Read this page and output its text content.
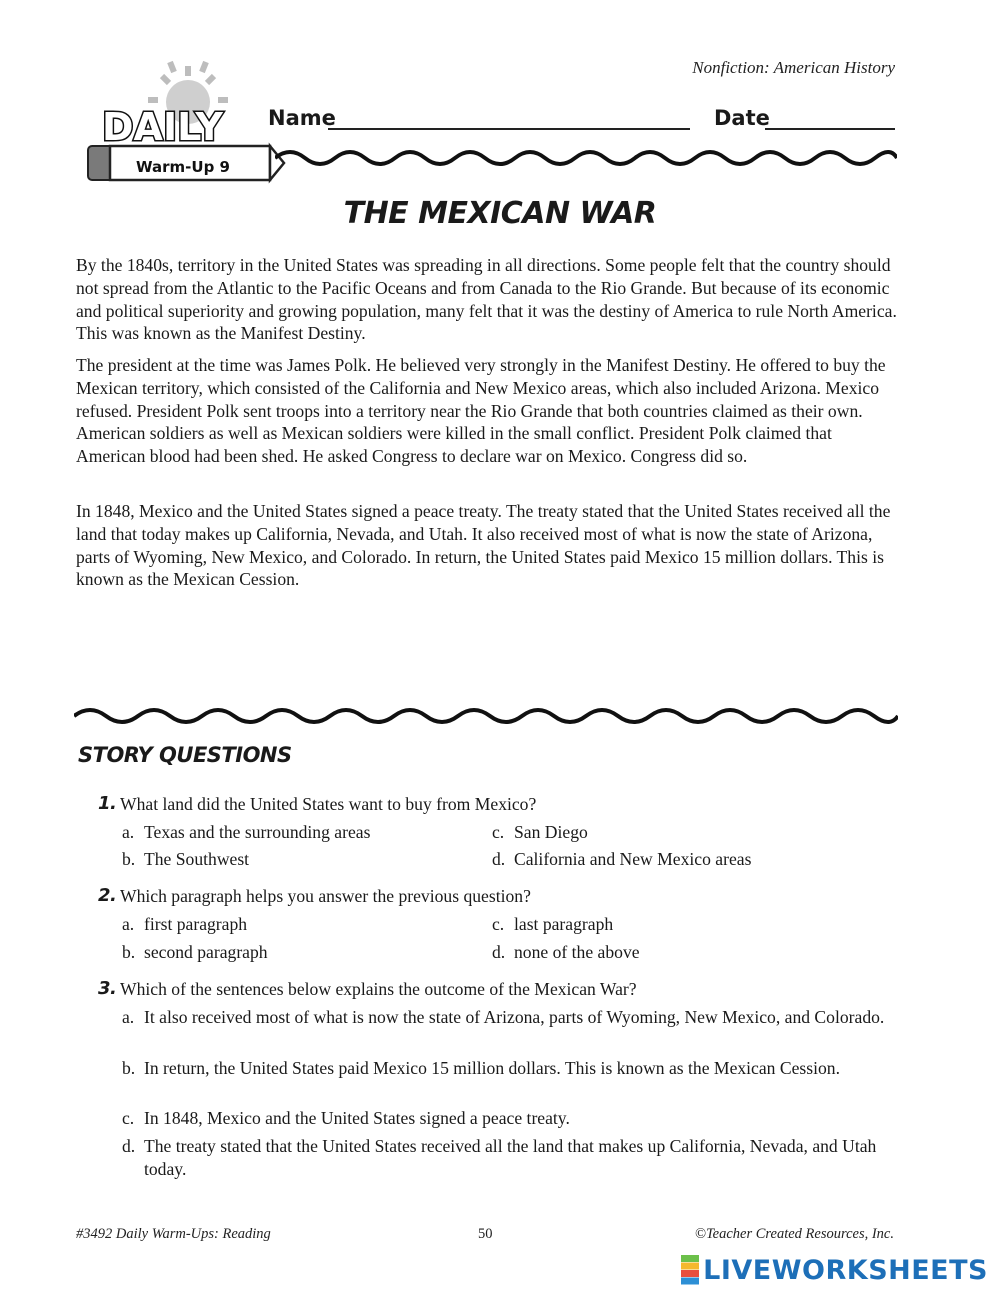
Nonfiction: American History
DAILY
Warm-Up 9
Name	Date
THE MEXICAN WAR

By the 1840s, territory in the United States was spreading in all directions. Some people felt that the country should not spread from the Atlantic to the Pacific Oceans and from Canada to the Rio Grande. But because of its economic and political superiority and growing population, many felt that it was the destiny of America to rule North America. This was known as the Manifest Destiny.

The president at the time was James Polk. He believed very strongly in the Manifest Destiny. He offered to buy the Mexican territory, which consisted of the California and New Mexico areas, which also included Arizona. Mexico refused. President Polk sent troops into a territory near the Rio Grande that both countries claimed as their own. American soldiers as well as Mexican soldiers were killed in the small conflict. President Polk claimed that American blood had been shed. He asked Congress to declare war on Mexico. Congress did so.

In 1848, Mexico and the United States signed a peace treaty. The treaty stated that the United States received all the land that today makes up California, Nevada, and Utah. It also received most of what is now the state of Arizona, parts of Wyoming, New Mexico, and Colorado. In return, the United States paid Mexico 15 million dollars. This is known as the Mexican Cession.

STORY QUESTIONS
1. What land did the United States want to buy from Mexico?
a. Texas and the surrounding areas
b. The Southwest
c. San Diego
d. California and New Mexico areas
2. Which paragraph helps you answer the previous question?
a. first paragraph
b. second paragraph
c. last paragraph
d. none of the above
3. Which of the sentences below explains the outcome of the Mexican War?
a. It also received most of what is now the state of Arizona, parts of Wyoming, New Mexico, and Colorado.
b. In return, the United States paid Mexico 15 million dollars. This is known as the Mexican Cession.
c. In 1848, Mexico and the United States signed a peace treaty.
d. The treaty stated that the United States received all the land that makes up California, Nevada, and Utah today.
#3492 Daily Warm-Ups: Reading	50	©Teacher Created Resources, Inc.
LIVEWORKSHEETS
